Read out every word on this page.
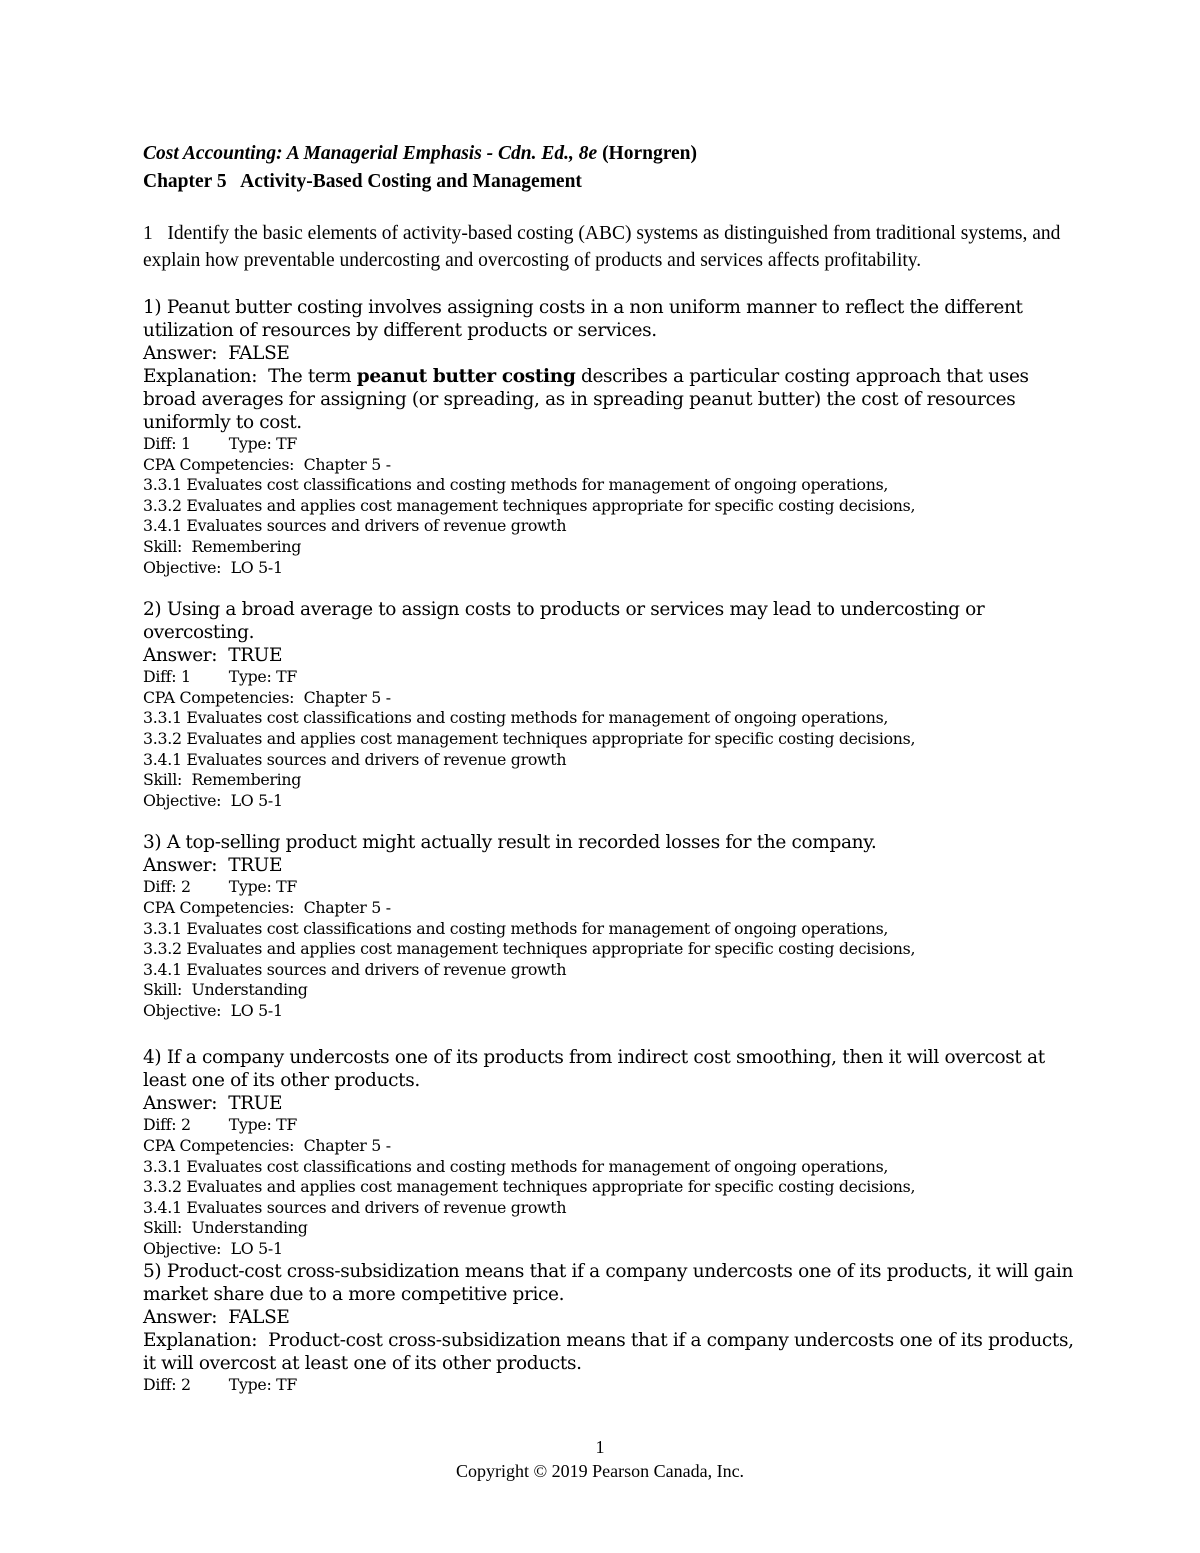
Cost Accounting: A Managerial Emphasis - Cdn. Ed., 8e (Horngren)
Chapter 5   Activity-Based Costing and Management
1   Identify the basic elements of activity-based costing (ABC) systems as distinguished from traditional systems, and explain how preventable undercosting and overcosting of products and services affects profitability.
1) Peanut butter costing involves assigning costs in a non uniform manner to reflect the different utilization of resources by different products or services.
Answer:  FALSE
Explanation:  The term peanut butter costing describes a particular costing approach that uses broad averages for assigning (or spreading, as in spreading peanut butter) the cost of resources uniformly to cost.
Diff: 1 Type: TF
CPA Competencies:  Chapter 5 -
3.3.1 Evaluates cost classifications and costing methods for management of ongoing operations,
3.3.2 Evaluates and applies cost management techniques appropriate for specific costing decisions,
3.4.1 Evaluates sources and drivers of revenue growth
Skill:  Remembering
Objective:  LO 5-1
2) Using a broad average to assign costs to products or services may lead to undercosting or overcosting.
Answer:  TRUE
Diff: 1 Type: TF
CPA Competencies:  Chapter 5 -
3.3.1 Evaluates cost classifications and costing methods for management of ongoing operations,
3.3.2 Evaluates and applies cost management techniques appropriate for specific costing decisions,
3.4.1 Evaluates sources and drivers of revenue growth
Skill:  Remembering
Objective:  LO 5-1
3) A top-selling product might actually result in recorded losses for the company.
Answer:  TRUE
Diff: 2 Type: TF
CPA Competencies:  Chapter 5 -
3.3.1 Evaluates cost classifications and costing methods for management of ongoing operations,
3.3.2 Evaluates and applies cost management techniques appropriate for specific costing decisions,
3.4.1 Evaluates sources and drivers of revenue growth
Skill:  Understanding
Objective:  LO 5-1
4) If a company undercosts one of its products from indirect cost smoothing, then it will overcost at least one of its other products.
Answer:  TRUE
Diff: 2 Type: TF
CPA Competencies:  Chapter 5 -
3.3.1 Evaluates cost classifications and costing methods for management of ongoing operations,
3.3.2 Evaluates and applies cost management techniques appropriate for specific costing decisions,
3.4.1 Evaluates sources and drivers of revenue growth
Skill:  Understanding
Objective:  LO 5-1
5) Product-cost cross-subsidization means that if a company undercosts one of its products, it will gain market share due to a more competitive price.
Answer:  FALSE
Explanation:  Product-cost cross-subsidization means that if a company undercosts one of its products, it will overcost at least one of its other products.
Diff: 2 Type: TF
1
Copyright © 2019 Pearson Canada, Inc.
